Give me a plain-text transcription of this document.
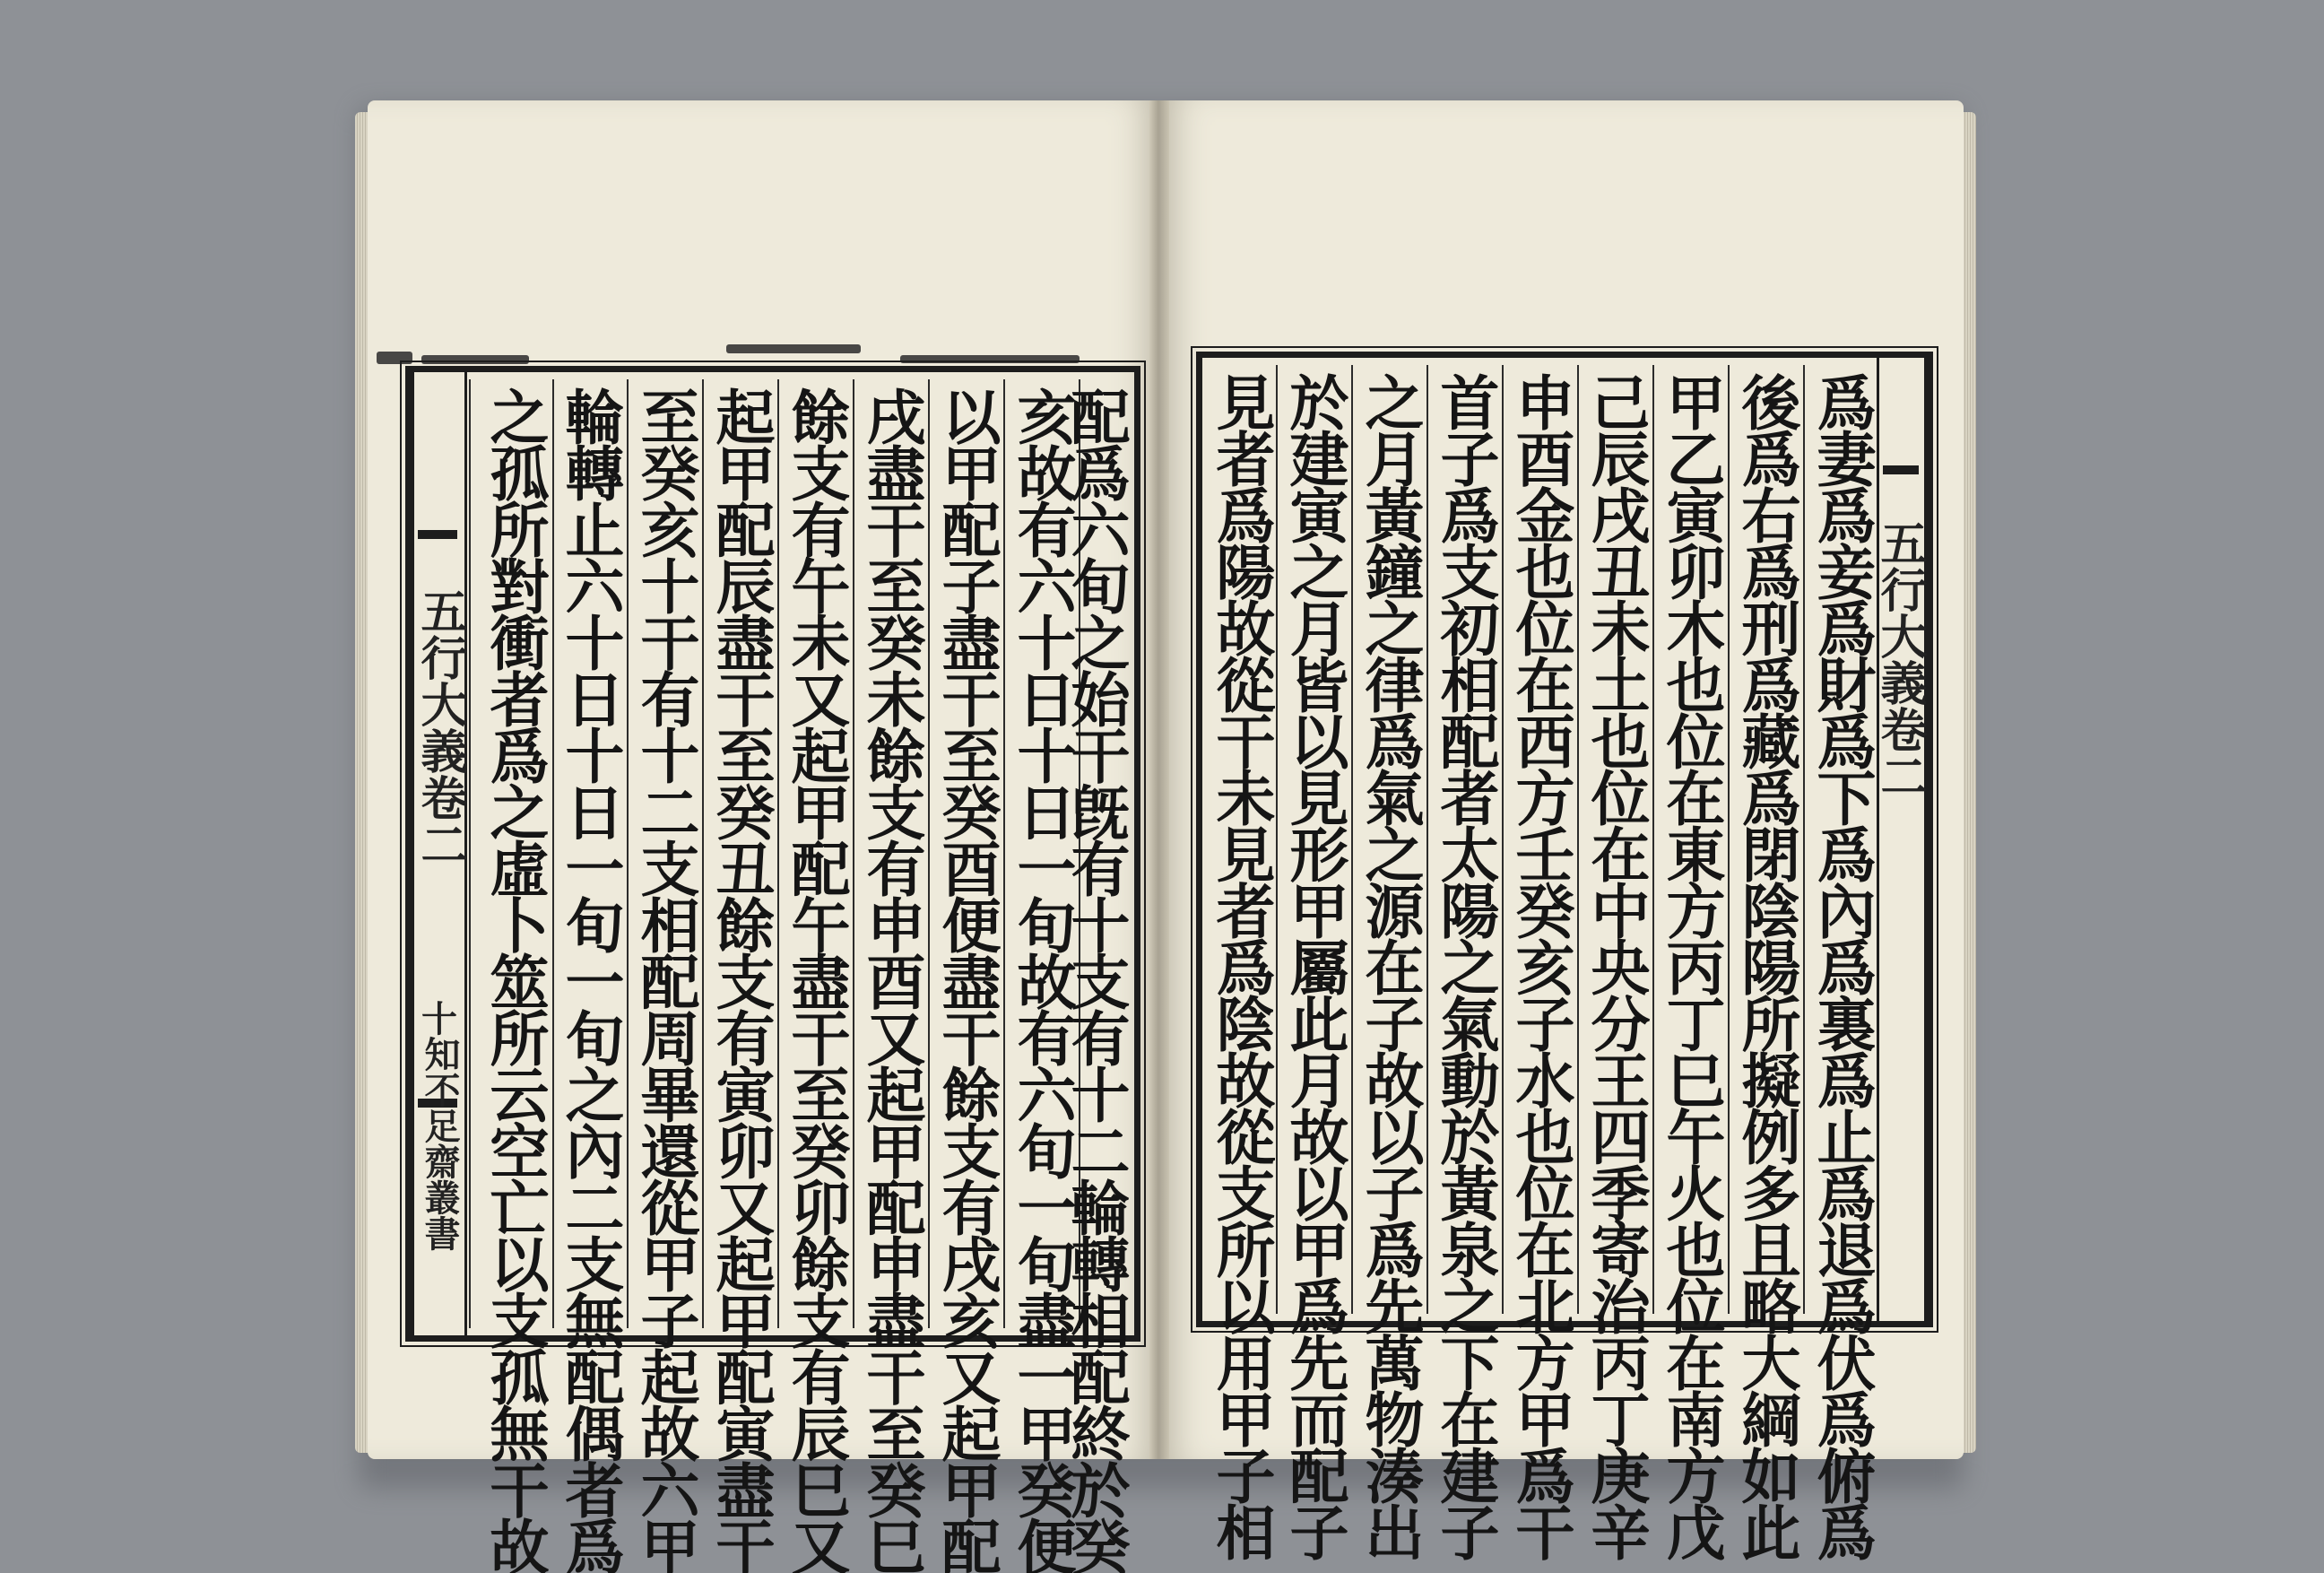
五行大義卷二
十
知不足齋叢書 之孤所對衝者爲之虛卜筮所云空亡以支孤無干故 輪轉止六十日十日一旬一旬之內二支無配偶者爲 至癸亥十干有十二支相配周畢還從甲子起故六甲 起甲配辰盡干至癸丑餘支有寅卯又起甲配寅盡干 餘支有午未又起甲配午盡干至癸卯餘支有辰巳又 戌盡干至癸未餘支有申酉又起甲配申盡干至癸巳 以甲配子盡干至癸酉便盡干餘支有戌亥又起甲配 亥故有六十日十日一旬故有六旬一旬盡一甲癸便
配爲六旬之始干旣有十支有十二輪轉相配終於癸 見者爲陽故從干未見者爲陰故從支所以用甲子相 於建寅之月皆以見形甲屬此月故以甲爲先而配子 之月黃鐘之律爲氣之源在子故以子爲先萬物湊出 首子爲支初相配者太陽之氣動於黃泉之下在建子 申酉金也位在西方壬癸亥子水也位在北方甲爲干 己辰戌丑未土也位在中央分王四季寄治丙丁庚辛 甲乙寅卯木也位在東方丙丁巳午火也位在南方戊 後爲右爲刑爲藏爲閉陰陽所擬例多且略大綱如此 爲妻爲妾爲財爲下爲內爲裏爲止爲退爲伏爲俯爲
五行大義卷二
